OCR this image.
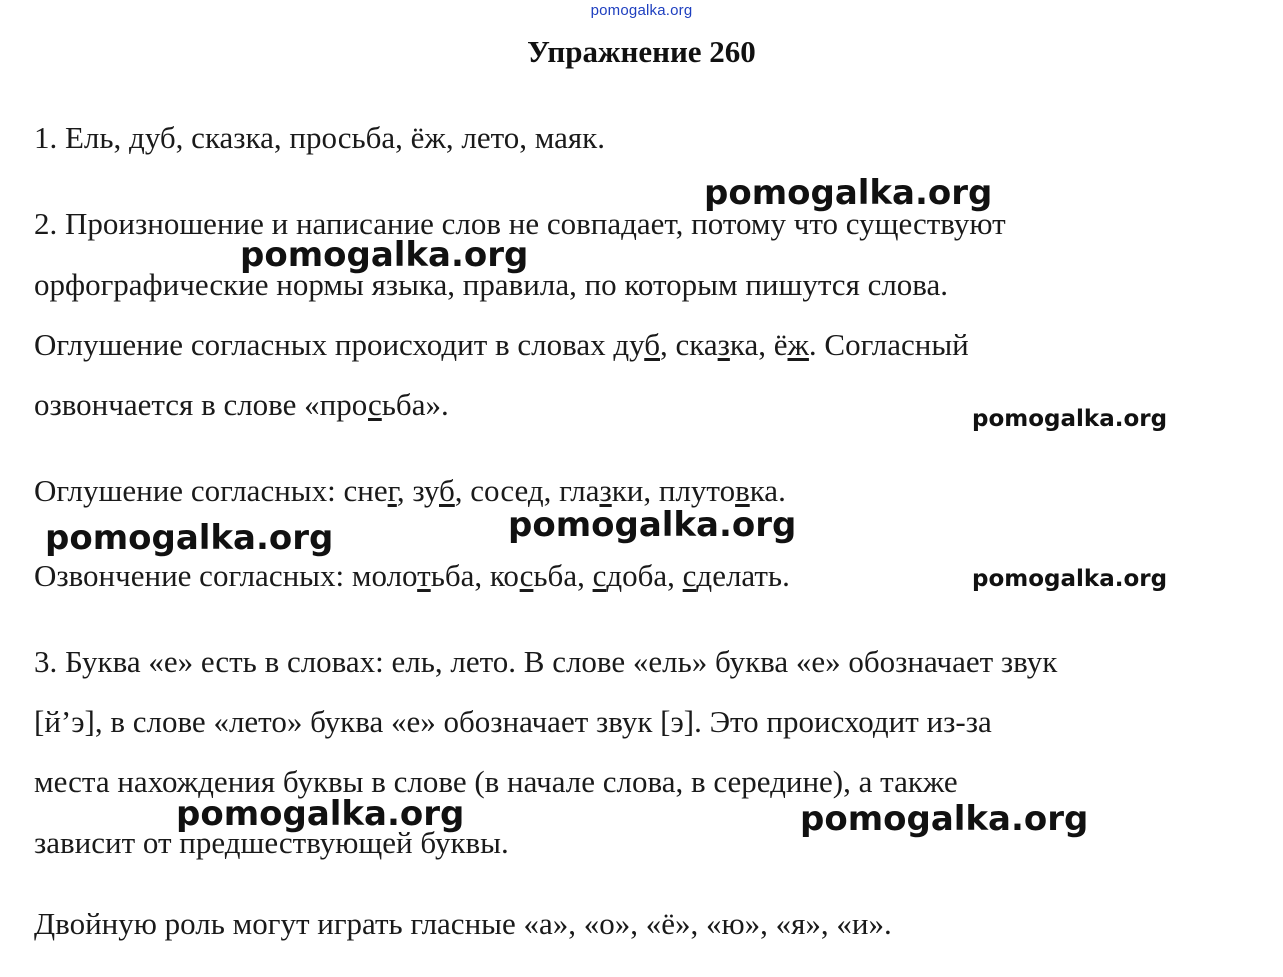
pomogalka.org
Упражнение 260
1. Ель, дуб, сказка, просьба, ёж, лето, маяк.
2. Произношение и написание слов не совпадает, потому что существуют
орфографические нормы языка, правила, по которым пишутся слова.
Оглушение согласных происходит в словах дуб, сказка, ёж. Согласный
озвончается в слове «просьба».
Оглушение согласных: снег, зуб, сосед, глазки, плутовка.
Озвончение согласных: молотьба, косьба, сдоба, сделать.
3. Буква «е» есть в словах: ель, лето. В слове «ель» буква «е» обозначает звук
[й’э], в слове «лето» буква «е» обозначает звук [э]. Это происходит из-за
места нахождения буквы в слове (в начале слова, в середине), а также
зависит от предшествующей буквы.
Двойную роль могут играть гласные «а», «о», «ё», «ю», «я», «и».
pomogalka.org
pomogalka.org
pomogalka.org
pomogalka.org
pomogalka.org
pomogalka.org
pomogalka.org	pomogalka.org
